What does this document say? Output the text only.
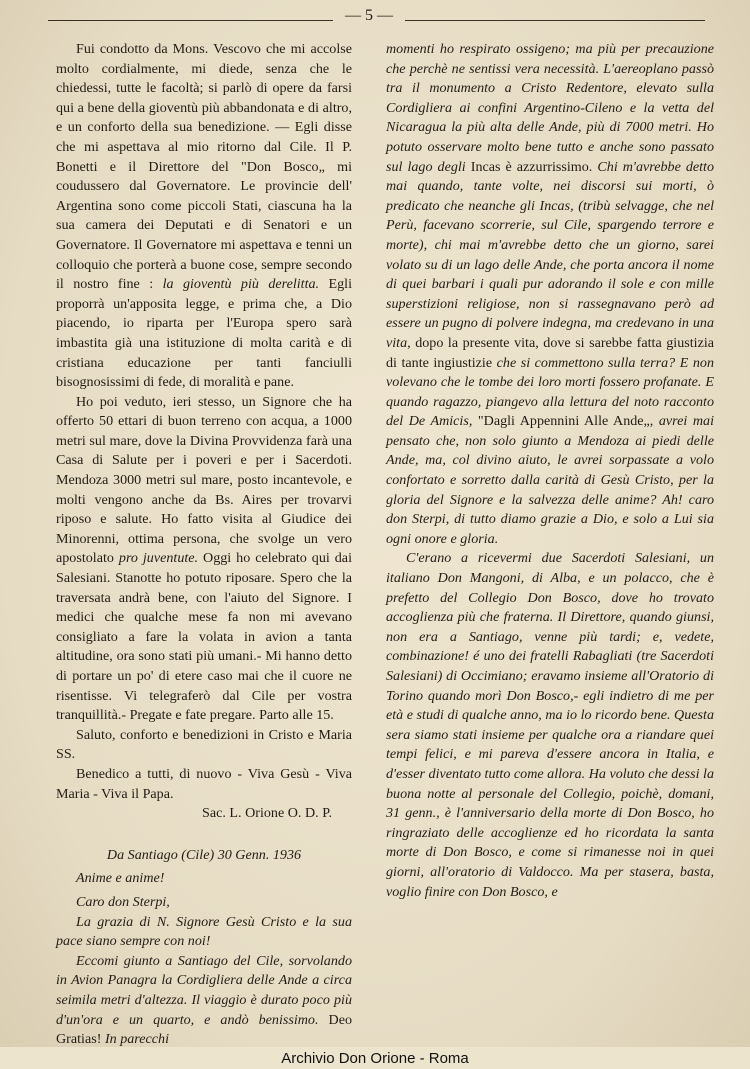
— 5 —

Fui condotto da Mons. Vescovo che mi accolse molto cordialmente, mi diede, senza che le chiedessi, tutte le facoltà; si parlò di opere da farsi qui a bene della gioventù più abbandonata e di altro, e un conforto della sua benedizione. — Egli disse che mi aspettava al mio ritorno dal Cile. Il P. Bonetti e il Direttore del "Don Bosco„ mi coudussero dal Governatore. Le provincie dell' Argentina sono come piccoli Stati, ciascuna ha la sua camera dei Deputati e di Senatori e un Governatore. Il Governatore mi aspettava e tenni un colloquio che porterà a buone cose, sempre secondo il nostro fine : la gioventù più derelitta. Egli proporrà un'apposita legge, e prima che, a Dio piacendo, io riparta per l'Europa spero sarà imbastita già una istituzione di molta carità e di cristiana educazione per tanti fanciulli bisognosissimi di fede, di moralità e pane.

Ho poi veduto, ieri stesso, un Signore che ha offerto 50 ettari di buon terreno con acqua, a 1000 metri sul mare, dove la Divina Provvidenza farà una Casa di Salute per i poveri e per i Sacerdoti. Mendoza 3000 metri sul mare, posto incantevole, e molti vengono anche da Bs. Aires per trovarvi riposo e salute. Ho fatto visita al Giudice dei Minorenni, ottima persona, che svolge un vero apostolato pro juventute. Oggi ho celebrato qui dai Salesiani. Stanotte ho potuto riposare. Spero che la traversata andrà bene, con l'aiuto del Signore. I medici che qualche mese fa non mi avevano consigliato a fare la volata in avion a tanta altitudine, ora sono stati più umani.- Mi hanno detto di portare un po' di etere caso mai che il cuore ne risentisse. Vi telegraferò dal Cile per vostra tranquillità.- Pregate e fate pregare. Parto alle 15.

Saluto, conforto e benedizioni in Cristo e Maria SS.

Benedico a tutti, di nuovo - Viva Gesù - Viva Maria - Viva il Papa.

Sac. L. Orione O. D. P.

Da Santiago (Cile) 30 Genn. 1936

Anime e anime!

Caro don Sterpi,

La grazia di N. Signore Gesù Cristo e la sua pace siano sempre con noi!

Eccomi giunto a Santiago del Cile, sorvolando in Avion Panagra la Cordigliera delle Ande a circa seimila metri d'altezza. Il viaggio è durato poco più d'un'ora e un quarto, e andò benissimo. Deo Gratias! In parecchi

momenti ho respirato ossigeno; ma più per precauzione che perchè ne sentissi vera necessità. L'aereoplano passò tra il monumento a Cristo Redentore, elevato sulla Cordigliera ai confini Argentino-Cileno e la vetta del Nicaragua la più alta delle Ande, più di 7000 metri. Ho potuto osservare molto bene tutto e anche sono passato sul lago degli Incas è azzurrissimo. Chi m'avrebbe detto mai quando, tante volte, nei discorsi sui morti, ò predicato che neanche gli Incas, (tribù selvagge, che nel Perù, facevano scorrerie, sul Cile, spargendo terrore e morte), chi mai m'avrebbe detto che un giorno, sarei volato su di un lago delle Ande, che porta ancora il nome di quei barbari i quali pur adorando il sole e con mille superstizioni religiose, non si rassegnavano però ad essere un pugno di polvere indegna, ma credevano in una vita, dopo la presente vita, dove si sarebbe fatta giustizia di tante ingiustizie che si commettono sulla terra? E non volevano che le tombe dei loro morti fossero profanate. E quando ragazzo, piangevo alla lettura del noto racconto del De Amicis, "Dagli Appennini Alle Ande„, avrei mai pensato che, non solo giunto a Mendoza ai piedi delle Ande, ma, col divino aiuto, le avrei sorpassate a volo confortato e sorretto dalla carità di Gesù Cristo, per la gloria del Signore e la salvezza delle anime? Ah! caro don Sterpi, di tutto diamo grazie a Dio, e solo a Lui sia ogni onore e gloria.

C'erano a ricevermi due Sacerdoti Salesiani, un italiano Don Mangoni, di Alba, e un polacco, che è prefetto del Collegio Don Bosco, dove ho trovato accoglienza più che fraterna. Il Direttore, quando giunsi, non era a Santiago, venne più tardi; e, vedete, combinazione! é uno dei fratelli Rabagliati (tre Sacerdoti Salesiani) di Occimiano; eravamo insieme all'Oratorio di Torino quando morì Don Bosco,- egli indietro di me per età e studi di qualche anno, ma io lo ricordo bene. Questa sera siamo stati insieme per qualche ora a riandare quei tempi felici, e mi pareva d'essere ancora in Italia, e d'esser diventato tutto come allora. Ha voluto che dessi la buona notte al personale del Collegio, poichè, domani, 31 genn., è l'anniversario della morte di Don Bosco, ho ringraziato delle accoglienze ed ho ricordata la santa morte di Don Bosco, e come si rimanesse noi in quei giorni, all'oratorio di Valdocco. Ma per stasera, basta, voglio finire con Don Bosco, e

Archivio Don Orione - Roma
